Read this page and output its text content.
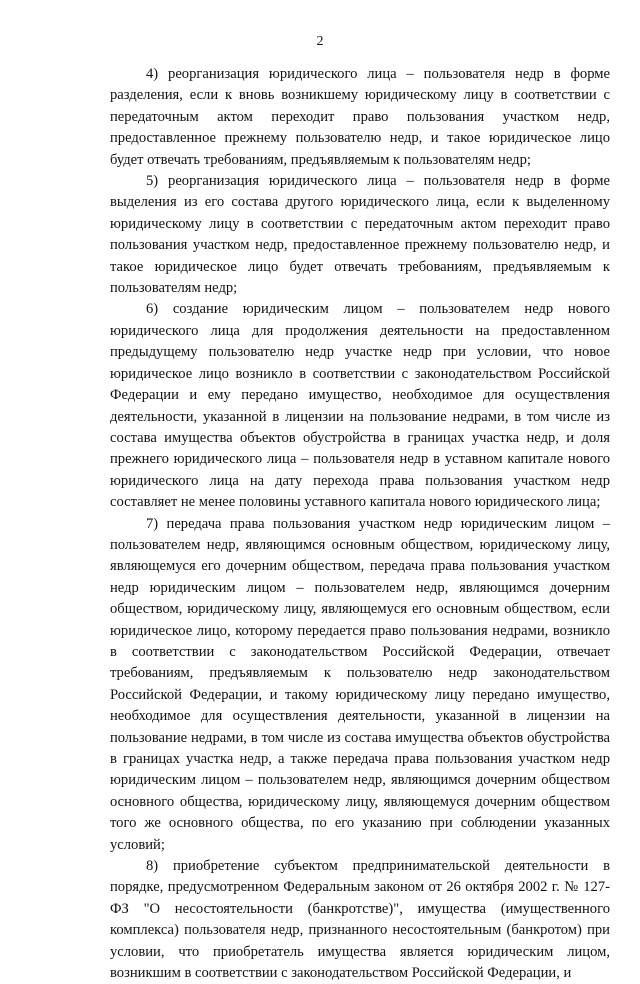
2

4) реорганизация юридического лица – пользователя недр в форме разделения, если к вновь возникшему юридическому лицу в соответствии с передаточным актом переходит право пользования участком недр, предоставленное прежнему пользователю недр, и такое юридическое лицо будет отвечать требованиям, предъявляемым к пользователям недр;

5) реорганизация юридического лица – пользователя недр в форме выделения из его состава другого юридического лица, если к выделенному юридическому лицу в соответствии с передаточным актом переходит право пользования участком недр, предоставленное прежнему пользователю недр, и такое юридическое лицо будет отвечать требованиям, предъявляемым к пользователям недр;

6) создание юридическим лицом – пользователем недр нового юридического лица для продолжения деятельности на предоставленном предыдущему пользователю недр участке недр при условии, что новое юридическое лицо возникло в соответствии с законодательством Российской Федерации и ему передано имущество, необходимое для осуществления деятельности, указанной в лицензии на пользование недрами, в том числе из состава имущества объектов обустройства в границах участка недр, и доля прежнего юридического лица – пользователя недр в уставном капитале нового юридического лица на дату перехода права пользования участком недр составляет не менее половины уставного капитала нового юридического лица;

7) передача права пользования участком недр юридическим лицом – пользователем недр, являющимся основным обществом, юридическому лицу, являющемуся его дочерним обществом, передача права пользования участком недр юридическим лицом – пользователем недр, являющимся дочерним обществом, юридическому лицу, являющемуся его основным обществом, если юридическое лицо, которому передается право пользования недрами, возникло в соответствии с законодательством Российской Федерации, отвечает требованиям, предъявляемым к пользователю недр законодательством Российской Федерации, и такому юридическому лицу передано имущество, необходимое для осуществления деятельности, указанной в лицензии на пользование недрами, в том числе из состава имущества объектов обустройства в границах участка недр, а также передача права пользования участком недр юридическим лицом – пользователем недр, являющимся дочерним обществом основного общества, юридическому лицу, являющемуся дочерним обществом того же основного общества, по его указанию при соблюдении указанных условий;

8) приобретение субъектом предпринимательской деятельности в порядке, предусмотренном Федеральным законом от 26 октября 2002 г. № 127-ФЗ "О несостоятельности (банкротстве)", имущества (имущественного комплекса) пользователя недр, признанного несостоятельным (банкротом) при условии, что приобретатель имущества является юридическим лицом, возникшим в соответствии с законодательством Российской Федерации, и
